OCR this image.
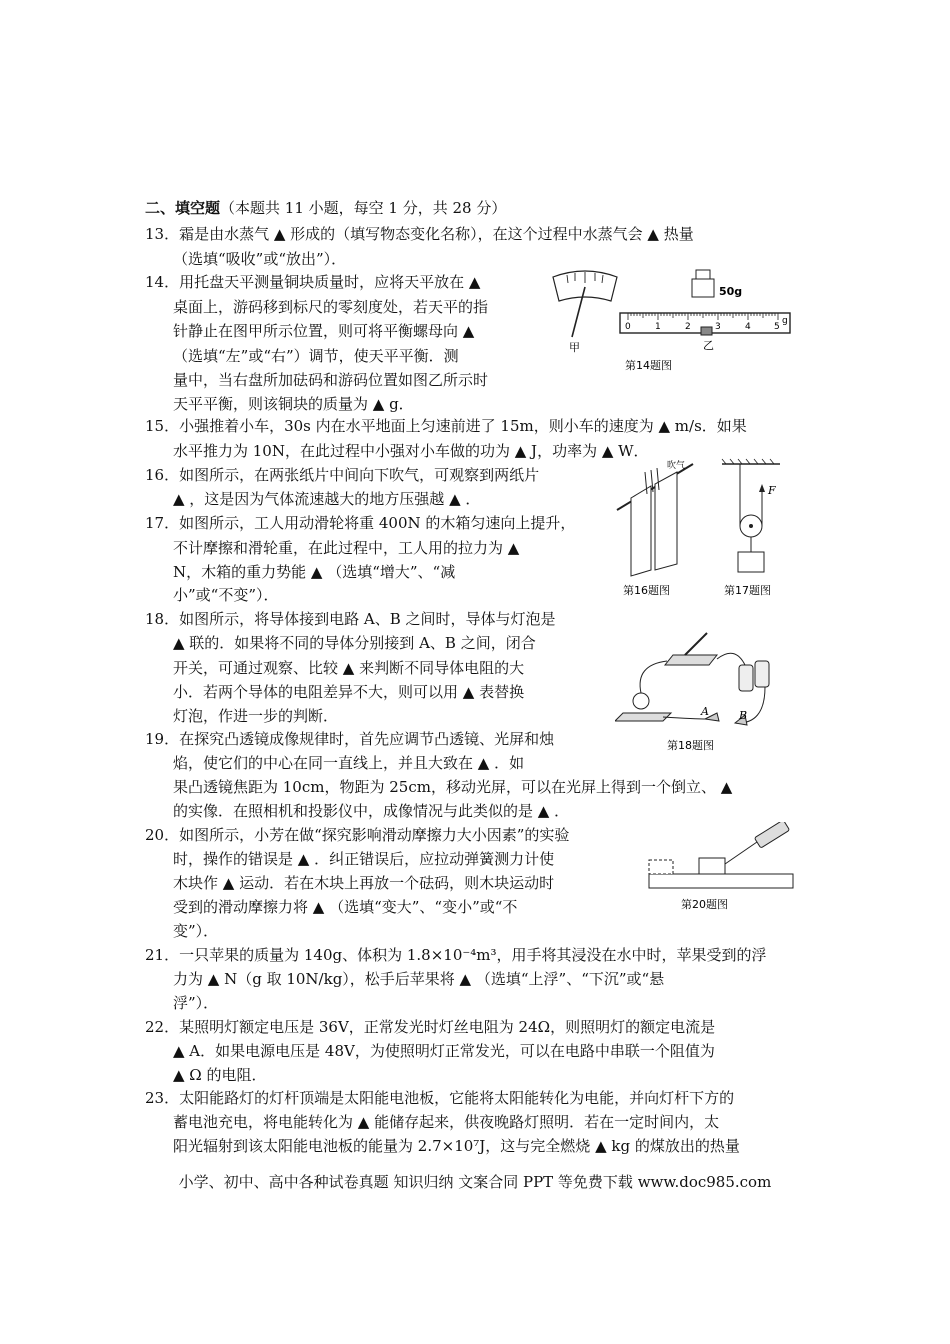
二、填空题（本题共 11 小题，每空 1 分，共 28 分）
13．霜是由水蒸气 ▲ 形成的（填写物态变化名称），在这个过程中水蒸气会 ▲ 热量
（选填“吸收”或“放出”）．
14．用托盘天平测量铜块质量时，应将天平放在 ▲
桌面上，游码移到标尺的零刻度处，若天平的指
针静止在图甲所示位置，则可将平衡螺母向 ▲
（选填“左”或“右”）调节，使天平平衡．测
量中，当右盘所加砝码和游码位置如图乙所示时
天平平衡，则该铜块的质量为 ▲ g．
15．小强推着小车，30s 内在水平地面上匀速前进了 15m，则小车的速度为 ▲ m/s．如果
水平推力为 10N，在此过程中小强对小车做的功为 ▲ J，功率为 ▲ W．
16．如图所示，在两张纸片中间向下吹气，可观察到两纸片
▲ ，这是因为气体流速越大的地方压强越 ▲ ．
17．如图所示，工人用动滑轮将重 400N 的木箱匀速向上提升，
不计摩擦和滑轮重，在此过程中，工人用的拉力为 ▲
N，木箱的重力势能 ▲ （选填“增大”、“减
小”或“不变”）．
18．如图所示，将导体接到电路 A、B 之间时，导体与灯泡是
▲ 联的．如果将不同的导体分别接到 A、B 之间，闭合
开关，可通过观察、比较 ▲ 来判断不同导体电阻的大
小．若两个导体的电阻差异不大，则可以用 ▲ 表替换
灯泡，作进一步的判断．
19．在探究凸透镜成像规律时，首先应调节凸透镜、光屏和烛
焰，使它们的中心在同一直线上，并且大致在 ▲ ．如
果凸透镜焦距为 10cm，物距为 25cm，移动光屏，可以在光屏上得到一个倒立、 ▲
的实像．在照相机和投影仪中，成像情况与此类似的是 ▲ ．
20．如图所示，小芳在做“探究影响滑动摩擦力大小因素”的实验
时，操作的错误是 ▲ ．纠正错误后，应拉动弹簧测力计使
木块作 ▲ 运动．若在木块上再放一个砝码，则木块运动时
受到的滑动摩擦力将 ▲ （选填“变大”、“变小”或“不
变”）．
21．一只苹果的质量为 140g、体积为 1.8×10⁻⁴m³，用手将其浸没在水中时，苹果受到的浮
力为 ▲ N（g 取 10N/kg），松手后苹果将 ▲ （选填“上浮”、“下沉”或“悬
浮”）．
22．某照明灯额定电压是 36V，正常发光时灯丝电阻为 24Ω，则照明灯的额定电流是
▲ A．如果电源电压是 48V，为使照明灯正常发光，可以在电路中串联一个阻值为
▲ Ω 的电阻．
23．太阳能路灯的灯杆顶端是太阳能电池板，它能将太阳能转化为电能，并向灯杆下方的
蓄电池充电，将电能转化为 ▲ 能储存起来，供夜晚路灯照明．若在一定时间内，太
阳光辐射到该太阳能电池板的能量为 2.7×10⁷J，这与完全燃烧 ▲ kg 的煤放出的热量
甲
50g
0	1	2	3	4	5
g
乙
第14题图
吹气
第16题图
F
第17题图
A	B
第18题图
第20题图
小学、初中、高中各种试卷真题 知识归纳 文案合同 PPT 等免费下载 www.doc985.com
